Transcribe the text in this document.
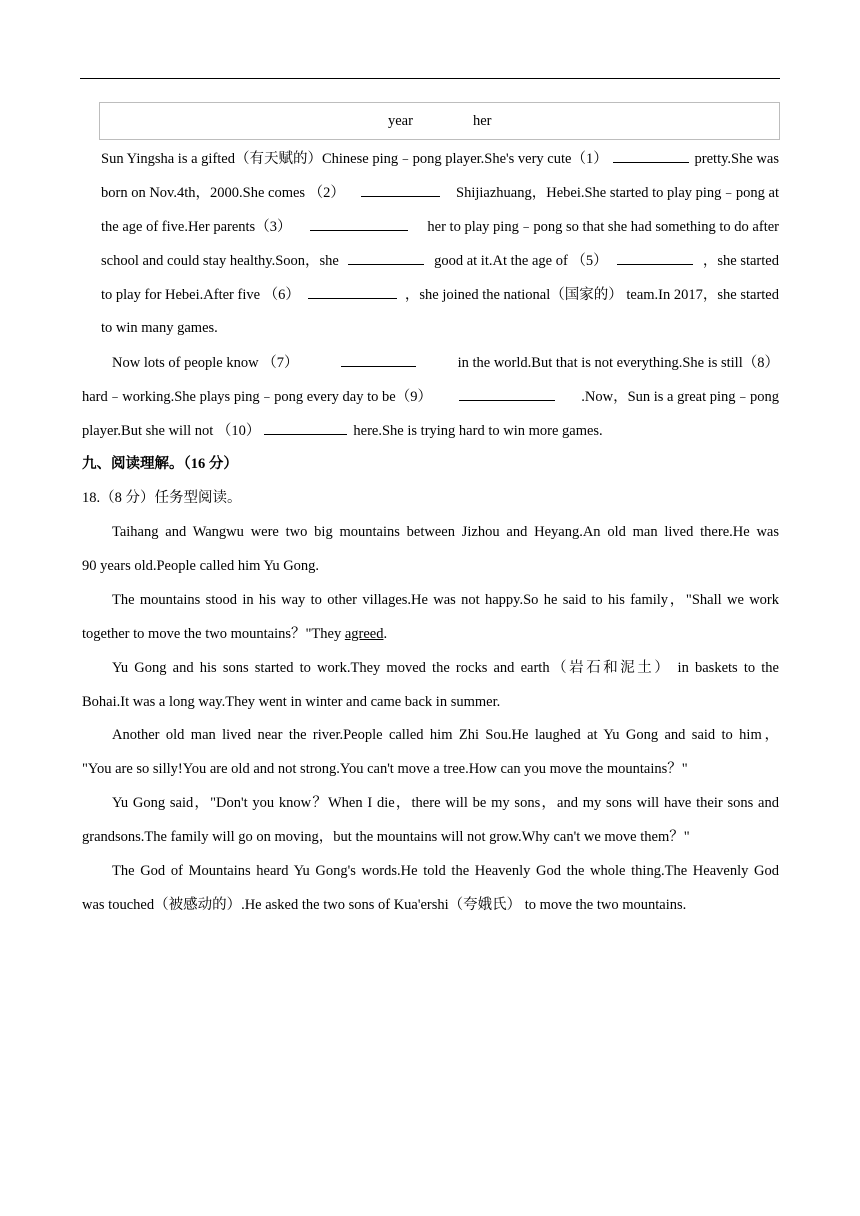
year	her
Sun Yingsha is a gifted（有天赋的）Chinese ping﹣pong player.She's very cute（1）	pretty.She was
born on Nov.4th，2000.She comes （2）	Shijiazhuang，Hebei.She started to play ping﹣pong at
the age of five.Her parents（3）	her to play ping﹣pong so that she had something to do after
school and could stay healthy.Soon，she	good at it.At the age of （5）	，she started
to play for Hebei.After five （6）	，she joined the national（国家的） team.In 2017，she started
to win many games.
Now lots of people know （7）	in the world.But that is not everything.She is still（8）
hard﹣working.She plays ping﹣pong every day to be（9）	.Now，Sun is a great ping﹣pong
player.But she will not （10）	here.She is trying hard to win more games.
九、阅读理解。（16 分）
18.（8 分）任务型阅读。
Taihang and Wangwu were two big mountains between Jizhou and Heyang.An old man lived there.He was
90 years old.People called him Yu Gong.
The mountains stood in his way to other villages.He was not happy.So he said to his family，"Shall we work
together to move the two mountains？"They agreed .
Yu Gong and his sons started to work.They moved the rocks and earth（岩石和泥土） in baskets to the
Bohai.It was a long way.They went in winter and came back in summer.
Another old man lived near the river.People called him Zhi Sou.He laughed at Yu Gong and said to him，
"You are so silly!You are old and not strong.You can't move a tree.How can you move the mountains？"
Yu Gong said，"Don't you know？When I die，there will be my sons，and my sons will have their sons and
grandsons.The family will go on moving，but the mountains will not grow.Why can't we move them？"
The God of Mountains heard Yu Gong's words.He told the Heavenly God the whole thing.The Heavenly God
was touched（被感动的）.He asked the two sons of Kua'ershi（夸娥氏） to move the two mountains.
